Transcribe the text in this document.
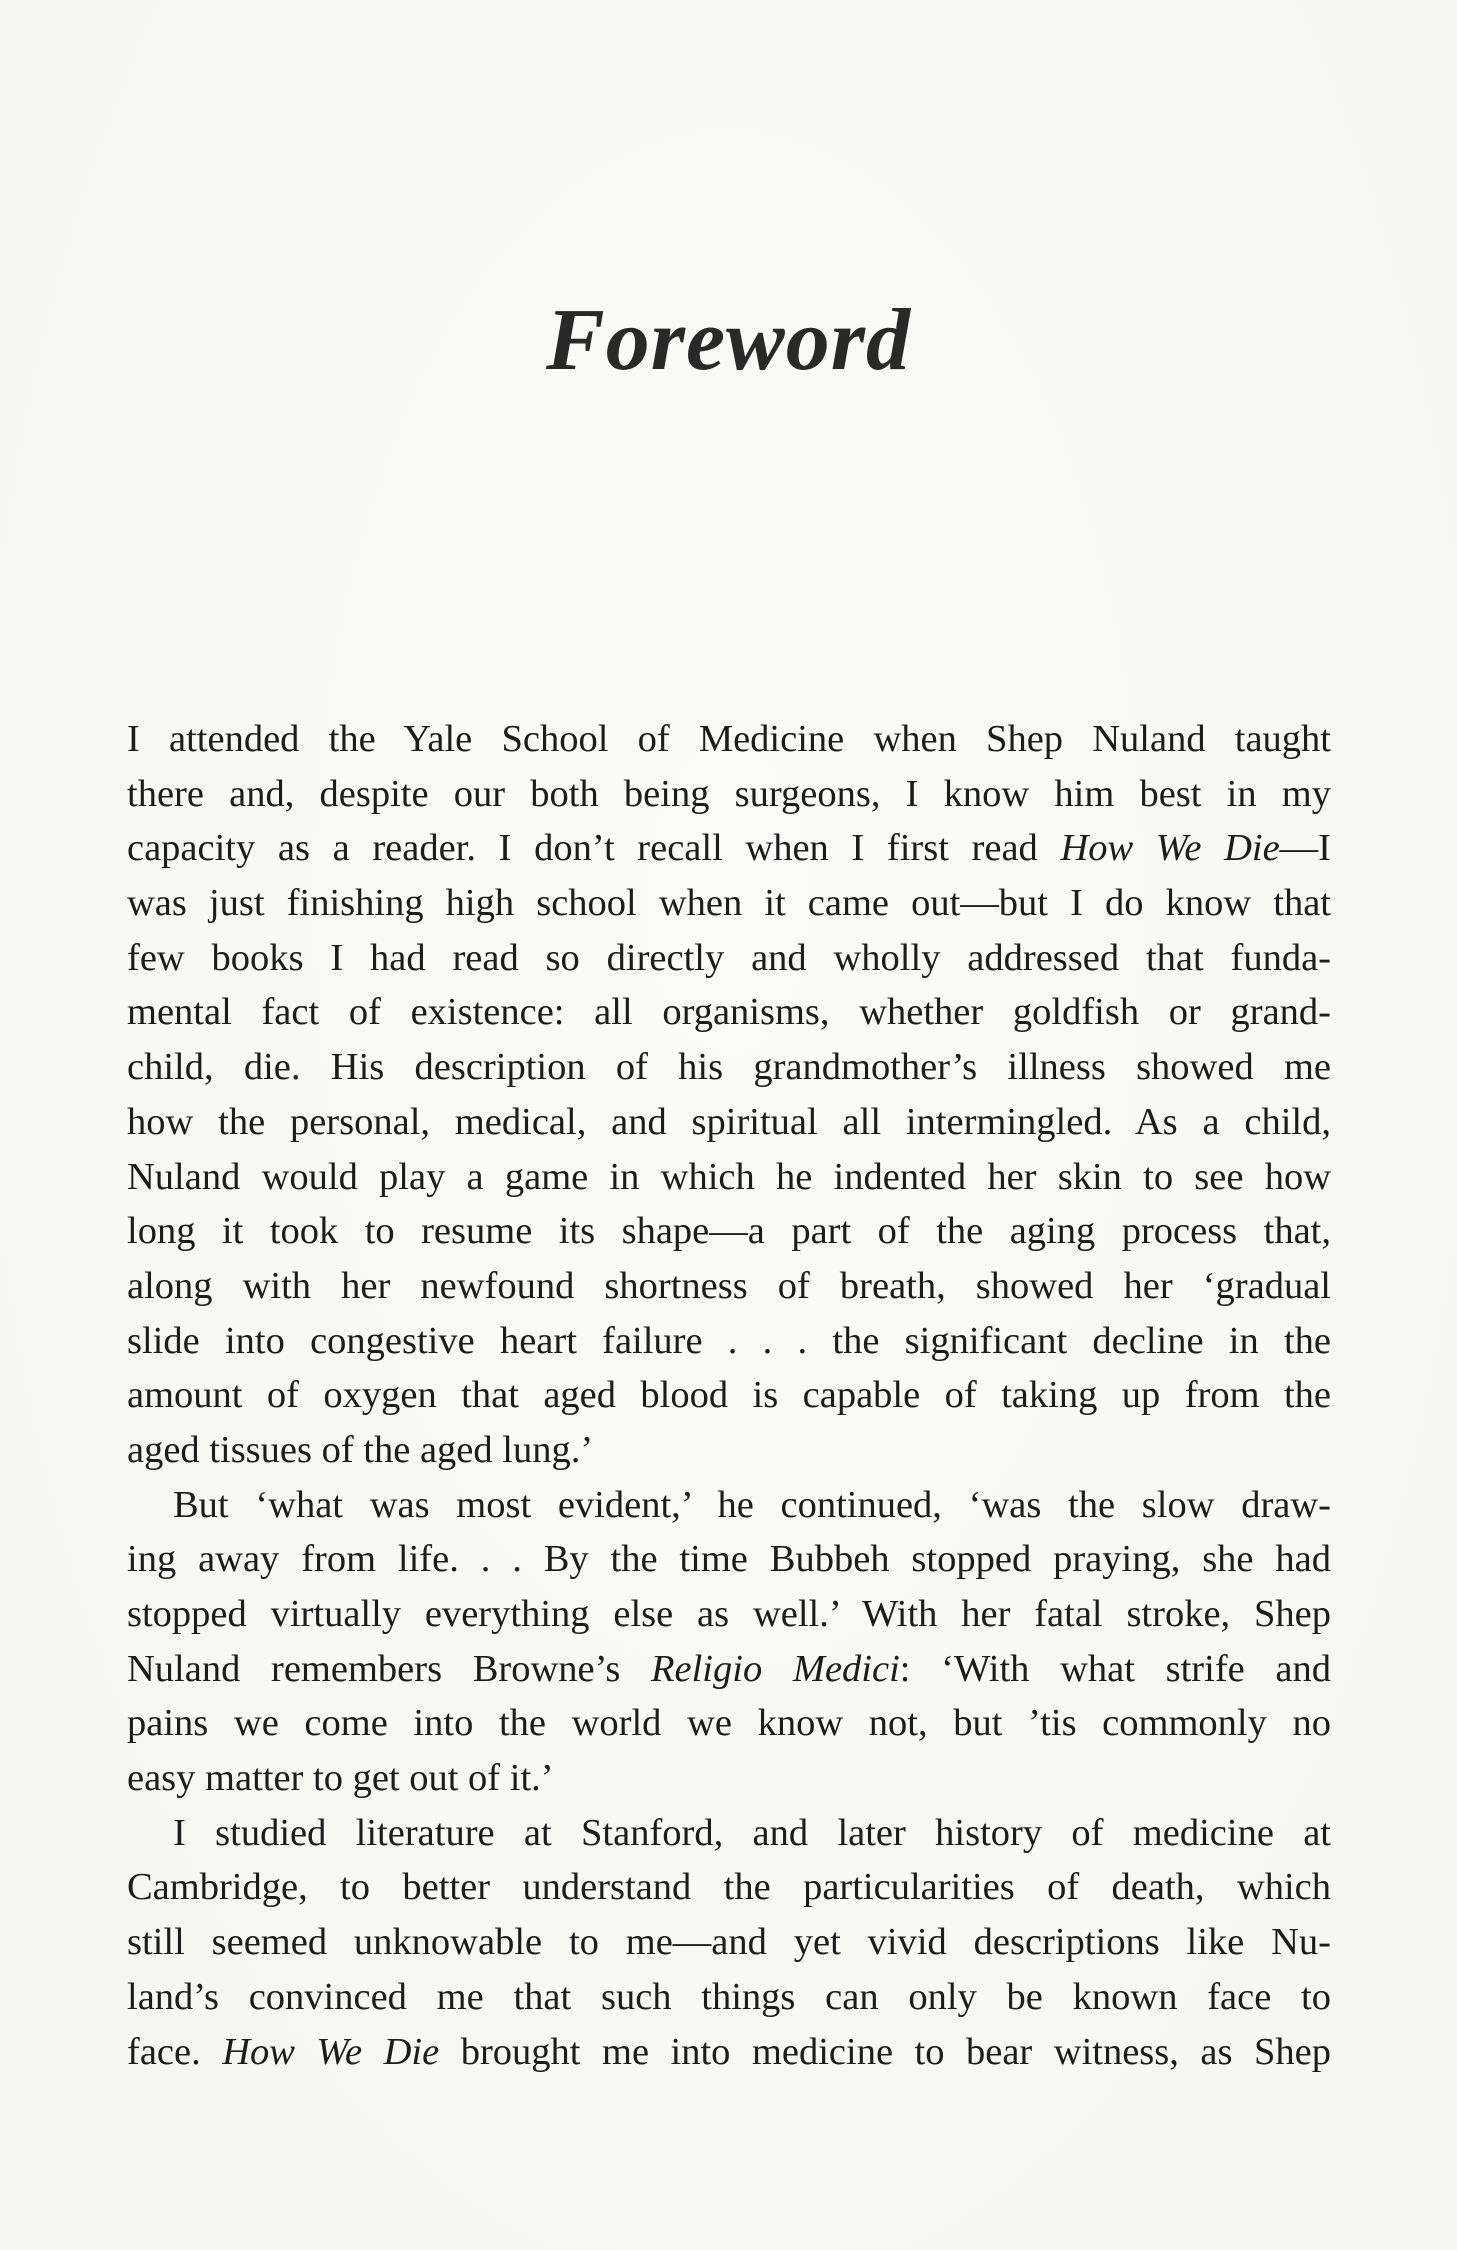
Foreword
I attended the Yale School of Medicine when Shep Nuland taught
there and, despite our both being surgeons, I know him best in my
capacity as a reader. I don’t recall when I first read How We Die—I
was just finishing high school when it came out—but I do know that
few books I had read so directly and wholly addressed that funda-
mental fact of existence: all organisms, whether goldfish or grand-
child, die. His description of his grandmother’s illness showed me
how the personal, medical, and spiritual all intermingled. As a child,
Nuland would play a game in which he indented her skin to see how
long it took to resume its shape—a part of the aging process that,
along with her newfound shortness of breath, showed her ‘gradual
slide into congestive heart failure . . . the significant decline in the
amount of oxygen that aged blood is capable of taking up from the
aged tissues of the aged lung.’
But ‘what was most evident,’ he continued, ‘was the slow draw-
ing away from life. . . By the time Bubbeh stopped praying, she had
stopped virtually everything else as well.’ With her fatal stroke, Shep
Nuland remembers Browne’s Religio Medici: ‘With what strife and
pains we come into the world we know not, but ’tis commonly no
easy matter to get out of it.’
I studied literature at Stanford, and later history of medicine at
Cambridge, to better understand the particularities of death, which
still seemed unknowable to me—and yet vivid descriptions like Nu-
land’s convinced me that such things can only be known face to
face. How We Die brought me into medicine to bear witness, as Shep
